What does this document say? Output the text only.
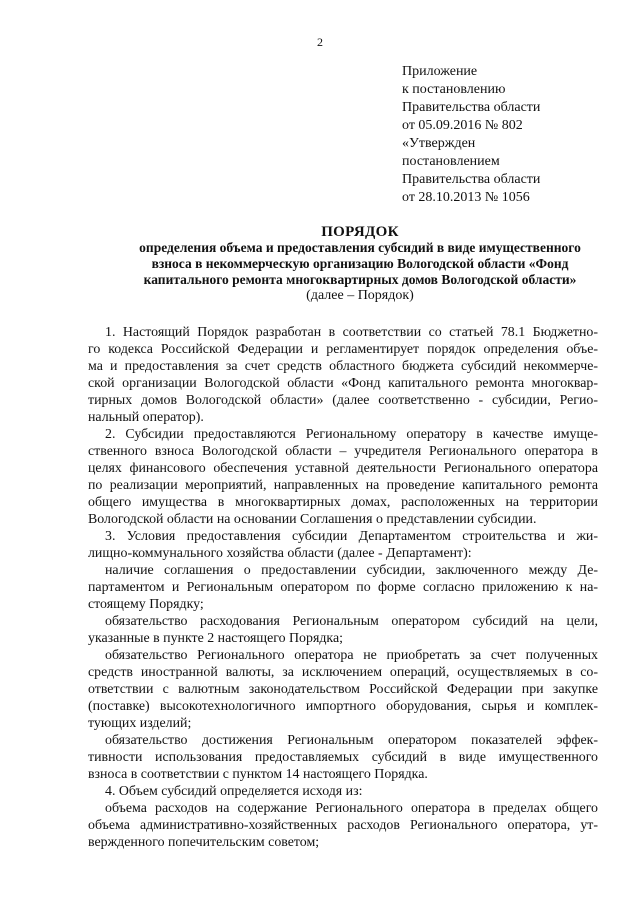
2
Приложение
к постановлению
Правительства области
от 05.09.2016 № 802
«Утвержден
постановлением
Правительства области
от 28.10.2013 № 1056
ПОРЯДОК
определения объема и предоставления субсидий в виде имущественного
взноса в некоммерческую организацию Вологодской области «Фонд
капитального ремонта многоквартирных домов Вологодской области»
(далее – Порядок)
1. Настоящий Порядок разработан в соответствии со статьей 78.1 Бюджетно-
го кодекса Российской Федерации и регламентирует порядок определения объе-
ма и предоставления за счет средств областного бюджета субсидий некоммерче-
ской организации Вологодской области «Фонд капитального ремонта многоквар-
тирных домов Вологодской области» (далее соответственно - субсидии, Регио-
нальный оператор).
2. Субсидии предоставляются Региональному оператору в качестве имуще-
ственного взноса Вологодской области – учредителя Регионального оператора в
целях финансового обеспечения уставной деятельности Регионального оператора
по реализации мероприятий, направленных на проведение капитального ремонта
общего имущества в многоквартирных домах, расположенных на территории
Вологодской области на основании Соглашения о представлении субсидии.
3. Условия предоставления субсидии Департаментом строительства и жи-
лищно-коммунального хозяйства области (далее - Департамент):
наличие соглашения о предоставлении субсидии, заключенного между Де-
партаментом и Региональным оператором по форме согласно приложению к на-
стоящему Порядку;
обязательство расходования Региональным оператором субсидий на цели,
указанные в пункте 2 настоящего Порядка;
обязательство Регионального оператора не приобретать за счет полученных
средств иностранной валюты, за исключением операций, осуществляемых в со-
ответствии с валютным законодательством Российской Федерации при закупке
(поставке) высокотехнологичного импортного оборудования, сырья и комплек-
тующих изделий;
обязательство достижения Региональным оператором показателей эффек-
тивности использования предоставляемых субсидий в виде имущественного
взноса в соответствии с пунктом 14 настоящего Порядка.
4. Объем субсидий определяется исходя из:
объема расходов на содержание Регионального оператора в пределах общего
объема административно-хозяйственных расходов Регионального оператора, ут-
вержденного попечительским советом;
